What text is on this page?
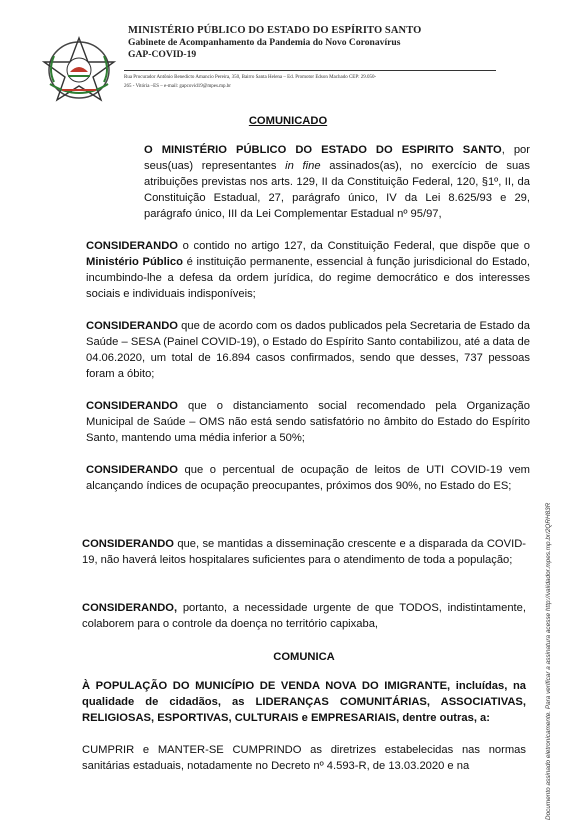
MINISTÉRIO PÚBLICO DO ESTADO DO ESPÍRITO SANTO
Gabinete de Acompanhamento da Pandemia do Novo Coronavírus
GAP-COVID-19
Rua Procurador Antônio Benedicto Amancio Pereira, 350, Bairro Santa Helena – Ed. Promotor Edson Machado CEP: 29.050-
265 - Vitória –ES – e-mail: gapcovid19@mpes.mp.br
COMUNICADO
O MINISTÉRIO PÚBLICO DO ESTADO DO ESPIRITO SANTO, por seus(uas) representantes in fine assinados(as), no exercício de suas atribuições previstas nos arts. 129, II da Constituição Federal, 120, §1º, II, da Constituição Estadual, 27, parágrafo único, IV da Lei 8.625/93 e 29, parágrafo único, III da Lei Complementar Estadual nº 95/97,
CONSIDERANDO o contido no artigo 127, da Constituição Federal, que dispõe que o Ministério Público é instituição permanente, essencial à função jurisdicional do Estado, incumbindo-lhe a defesa da ordem jurídica, do regime democrático e dos interesses sociais e individuais indisponíveis;
CONSIDERANDO que de acordo com os dados publicados pela Secretaria de Estado da Saúde – SESA (Painel COVID-19), o Estado do Espírito Santo contabilizou, até a data de 04.06.2020, um total de 16.894 casos confirmados, sendo que desses, 737 pessoas foram a óbito;
CONSIDERANDO que o distanciamento social recomendado pela Organização Municipal de Saúde – OMS não está sendo satisfatório no âmbito do Estado do Espírito Santo, mantendo uma média inferior a 50%;
CONSIDERANDO que o percentual de ocupação de leitos de UTI COVID-19 vem alcançando índices de ocupação preocupantes, próximos dos 90%, no Estado do ES;
CONSIDERANDO que, se mantidas a disseminação crescente e a disparada da COVID-19, não haverá leitos hospitalares suficientes para o atendimento de toda a população;
CONSIDERANDO, portanto, a necessidade urgente de que TODOS, indistintamente, colaborem para o controle da doença no território capixaba,
COMUNICA
À POPULAÇÃO DO MUNICÍPIO DE VENDA NOVA DO IMIGRANTE, incluídas, na qualidade de cidadãos, as LIDERANÇAS COMUNITÁRIAS, ASSOCIATIVAS, RELIGIOSAS, ESPORTIVAS, CULTURAIS e EMPRESARIAIS, dentre outras, a:
CUMPRIR e MANTER-SE CUMPRINDO as diretrizes estabelecidas nas normas sanitárias estaduais, notadamente no Decreto nº 4.593-R, de 13.03.2020 e na	Documento assinado eletronicamente. Para verificar a assinatura acesse http://validador.mpes.mp.br/2QRH83R
